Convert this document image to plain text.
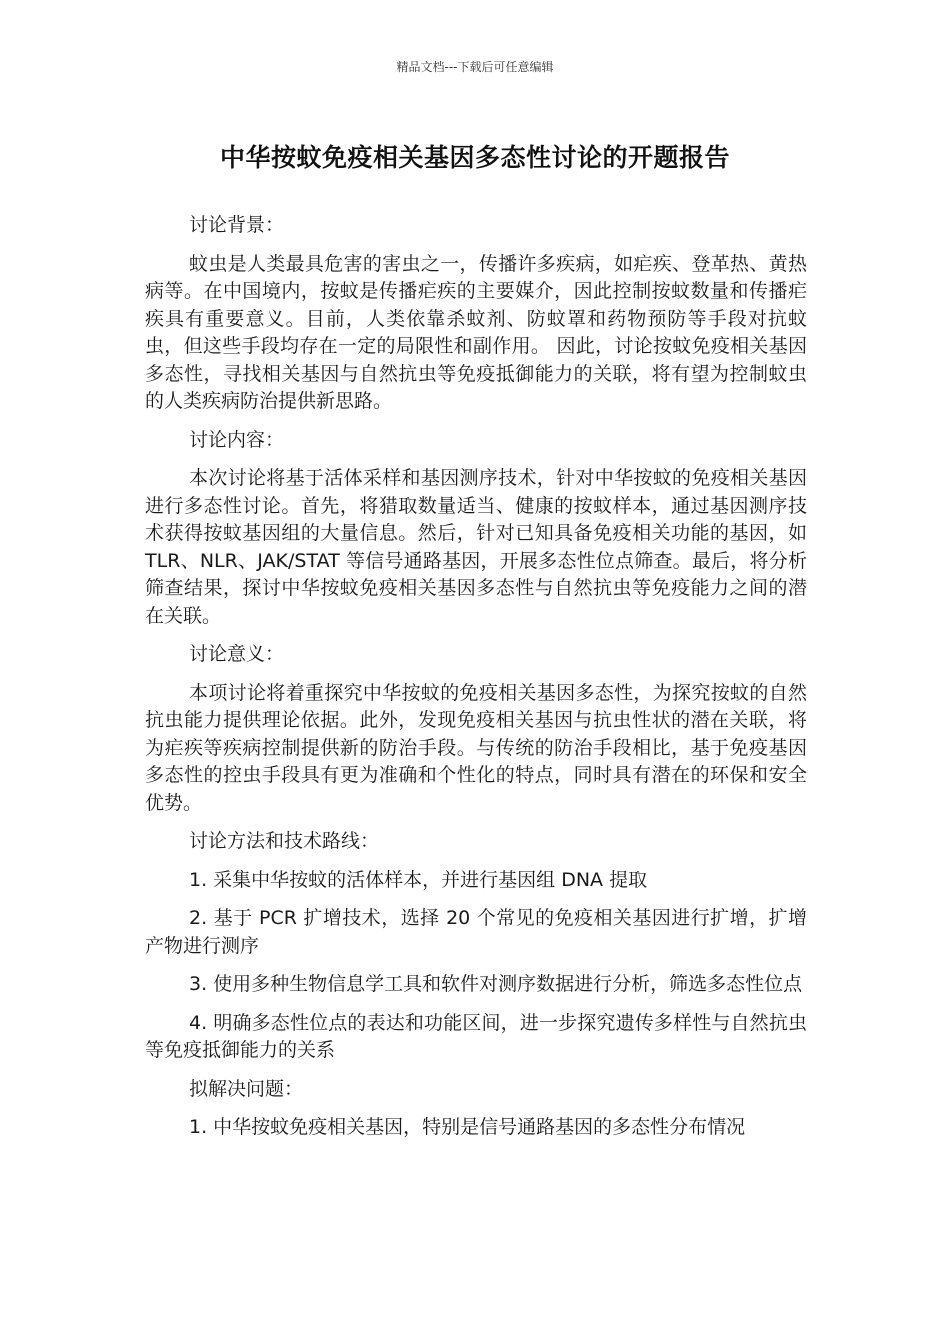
精品文档---下载后可任意编辑
中华按蚊免疫相关基因多态性讨论的开题报告

讨论背景：

蚊虫是人类最具危害的害虫之一，传播许多疾病，如疟疾、登革热、黄热病等。在中国境内，按蚊是传播疟疾的主要媒介，因此控制按蚊数量和传播疟疾具有重要意义。目前，人类依靠杀蚊剂、防蚊罩和药物预防等手段对抗蚊虫，但这些手段均存在一定的局限性和副作用。 因此，讨论按蚊免疫相关基因多态性，寻找相关基因与自然抗虫等免疫抵御能力的关联，将有望为控制蚊虫的人类疾病防治提供新思路。

讨论内容：

本次讨论将基于活体采样和基因测序技术，针对中华按蚊的免疫相关基因进行多态性讨论。首先，将猎取数量适当、健康的按蚊样本，通过基因测序技术获得按蚊基因组的大量信息。然后，针对已知具备免疫相关功能的基因，如 TLR、NLR、JAK/STAT 等信号通路基因，开展多态性位点筛查。最后，将分析筛查结果，探讨中华按蚊免疫相关基因多态性与自然抗虫等免疫能力之间的潜在关联。

讨论意义：

本项讨论将着重探究中华按蚊的免疫相关基因多态性，为探究按蚊的自然抗虫能力提供理论依据。此外，发现免疫相关基因与抗虫性状的潜在关联，将为疟疾等疾病控制提供新的防治手段。与传统的防治手段相比，基于免疫基因多态性的控虫手段具有更为准确和个性化的特点，同时具有潜在的环保和安全优势。

讨论方法和技术路线：

1. 采集中华按蚊的活体样本，并进行基因组 DNA 提取

2. 基于 PCR 扩增技术，选择 20 个常见的免疫相关基因进行扩增，扩增产物进行测序

3. 使用多种生物信息学工具和软件对测序数据进行分析，筛选多态性位点

4. 明确多态性位点的表达和功能区间，进一步探究遗传多样性与自然抗虫等免疫抵御能力的关系

拟解决问题：

1. 中华按蚊免疫相关基因，特别是信号通路基因的多态性分布情况
